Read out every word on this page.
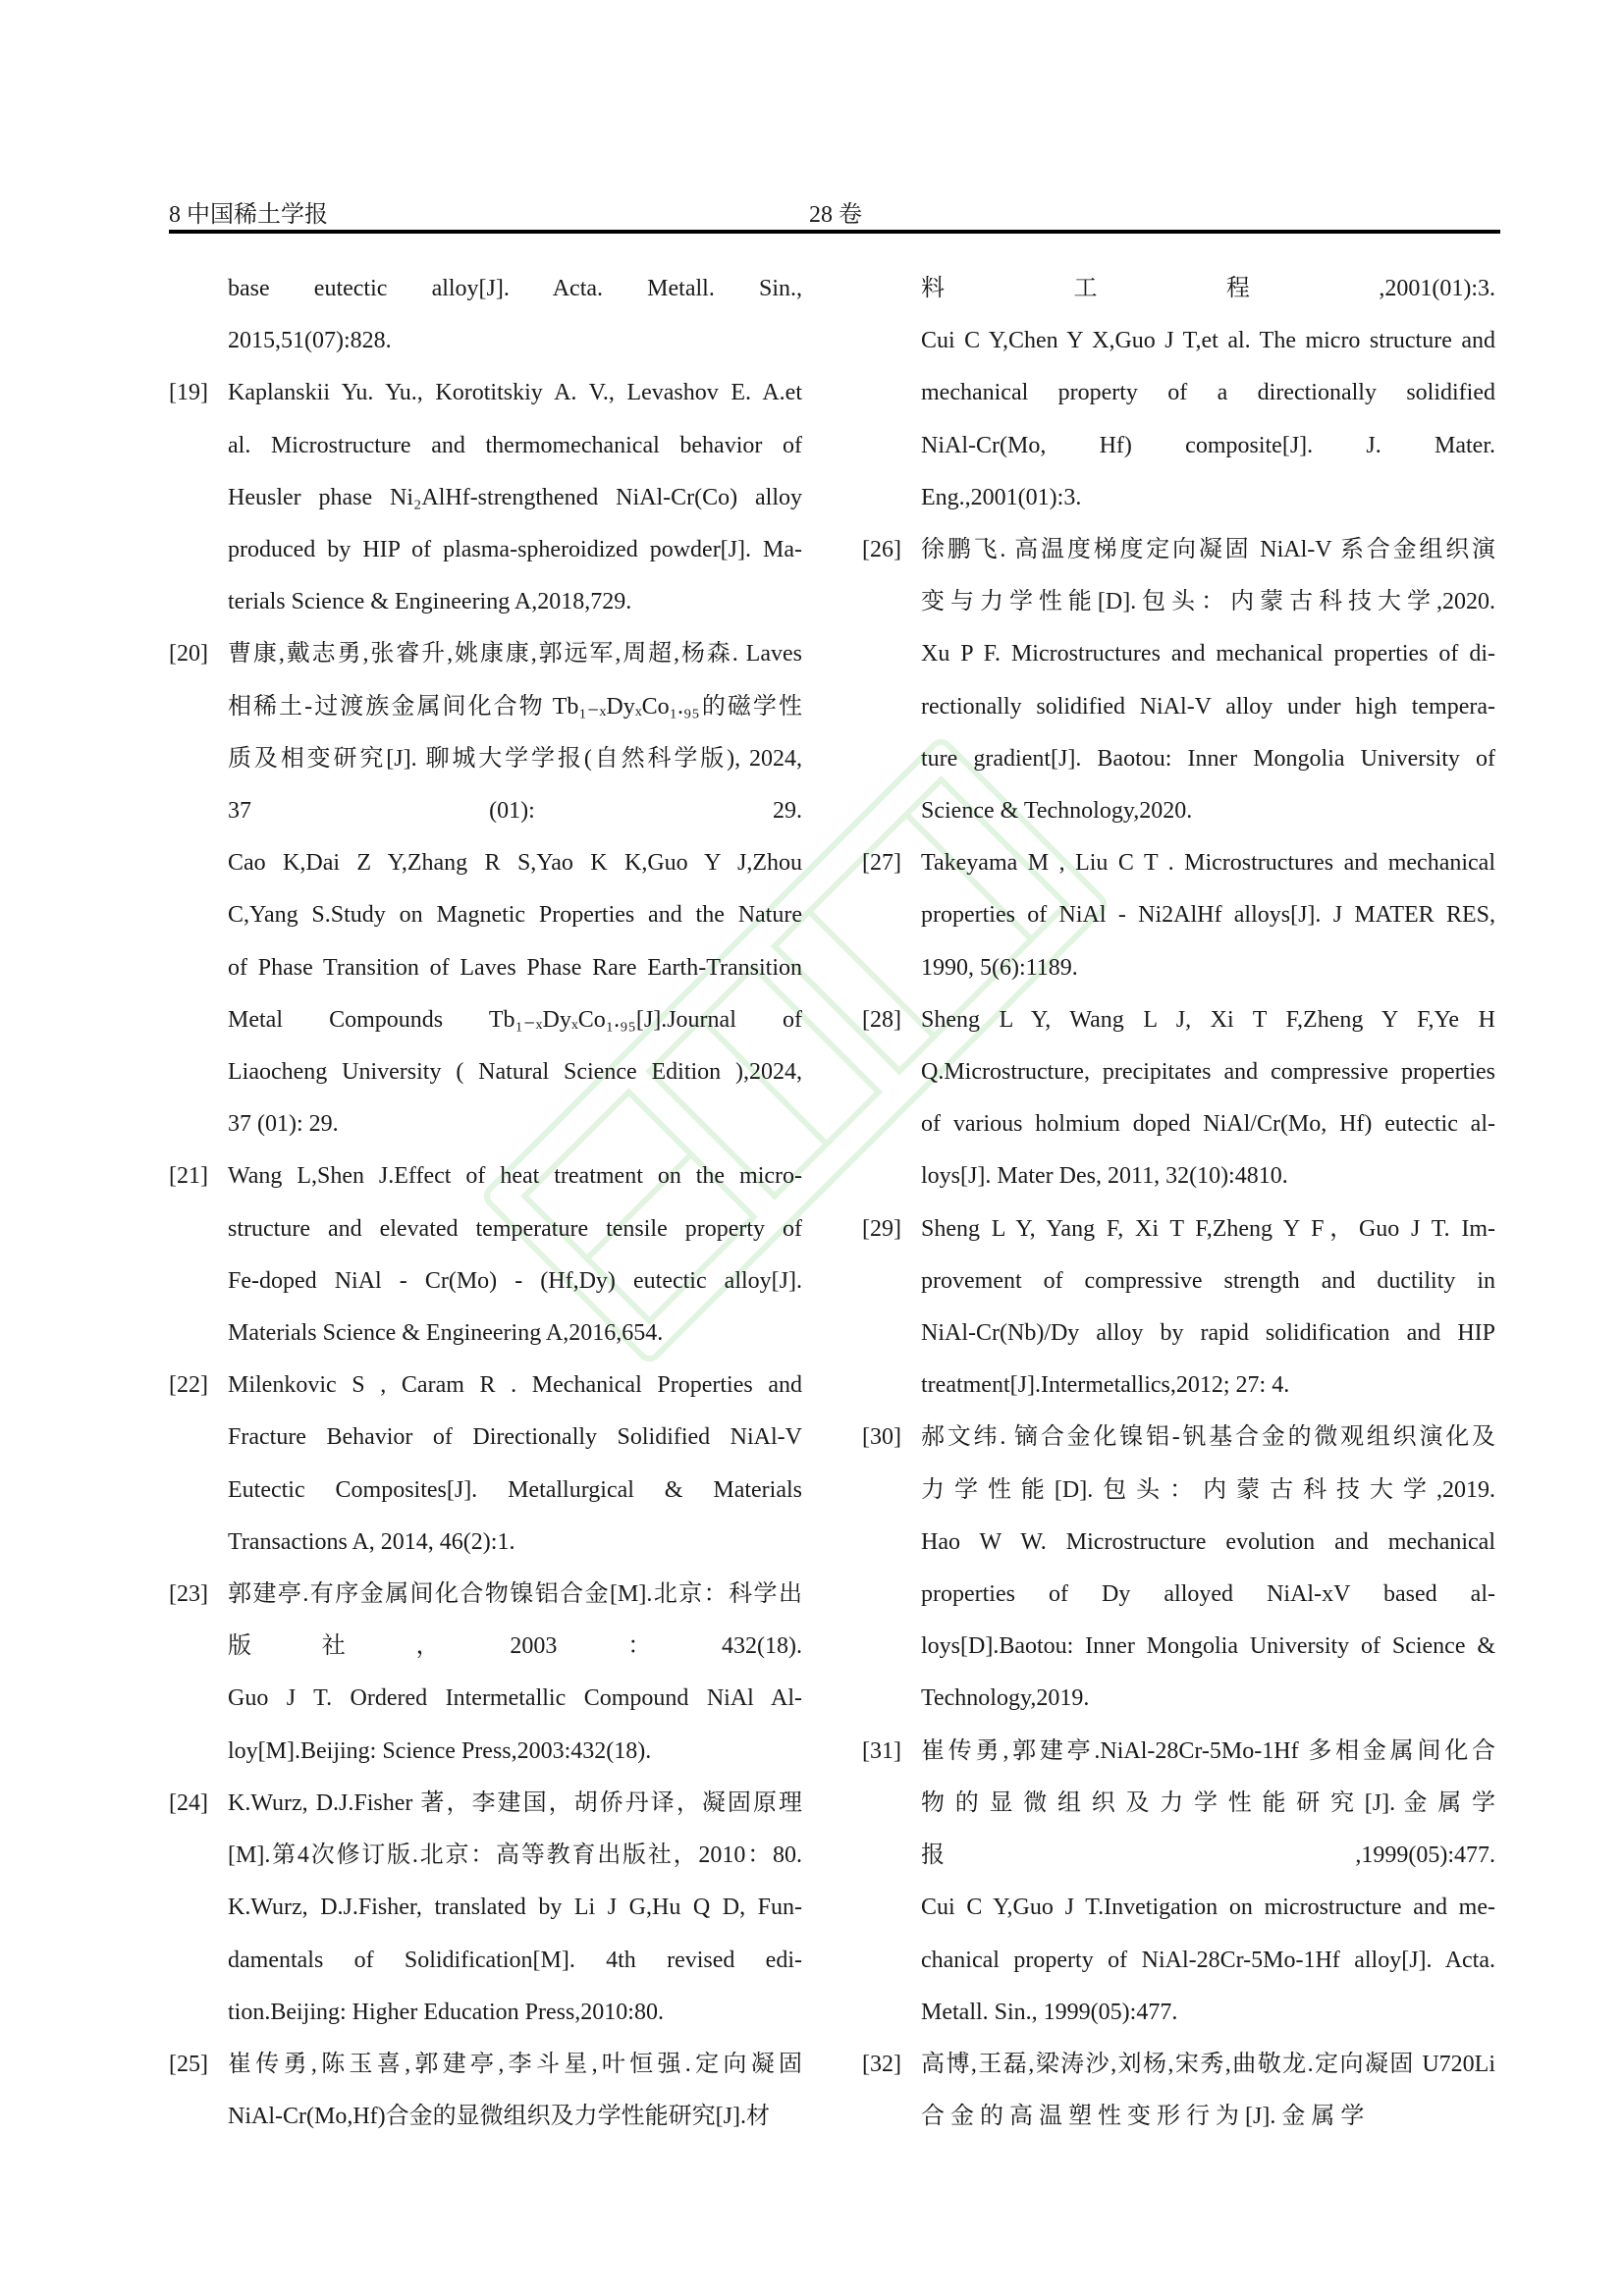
8 中国稀土学报	28 卷

base eutectic alloy[J]. Acta. Metall. Sin.,

2015,51(07):828.

[19] Kaplanskii Yu. Yu., Korotitskiy A. V., Levashov E. A.et

al. Microstructure and thermomechanical behavior of

Heusler phase Ni₂AlHf-strengthened NiAl-Cr(Co) alloy

produced by HIP of plasma-spheroidized powder[J]. Ma-

terials Science & Engineering A,2018,729.

[20] 曹康,戴志勇,张睿升,姚康康,郭远军,周超,杨森. Laves

相稀土-过渡族金属间化合物 Tb₁₋ₓDyₓCo₁.₉₅的磁学性

质及相变研究[J]. 聊城大学学报(自然科学版), 2024,

37 (01): 29.

Cao K,Dai Z Y,Zhang R S,Yao K K,Guo Y J,Zhou

C,Yang S.Study on Magnetic Properties and the Nature

of Phase Transition of Laves Phase Rare Earth-Transition

Metal Compounds Tb₁₋ₓDyₓCo₁.₉₅[J].Journal of

Liaocheng University ( Natural Science Edition ),2024,

37 (01): 29.

[21] Wang L,Shen J.Effect of heat treatment on the micro-

structure and elevated temperature tensile property of

Fe-doped NiAl - Cr(Mo) - (Hf,Dy) eutectic alloy[J].

Materials Science & Engineering A,2016,654.

[22] Milenkovic S , Caram R . Mechanical Properties and

Fracture Behavior of Directionally Solidified NiAl-V

Eutectic Composites[J]. Metallurgical & Materials

Transactions A, 2014, 46(2):1.

[23] 郭建亭.有序金属间化合物镍铝合金[M].北京：科学出

版社，2003：432(18).

Guo J T. Ordered Intermetallic Compound NiAl Al-

loy[M].Beijing: Science Press,2003:432(18).

[24] K.Wurz, D.J.Fisher 著，李建国，胡侨丹译，凝固原理

[M].第4次修订版.北京：高等教育出版社，2010：80.

K.Wurz, D.J.Fisher, translated by Li J G,Hu Q D, Fun-

damentals of Solidification[M]. 4th revised edi-

tion.Beijing: Higher Education Press,2010:80.

[25] 崔传勇,陈玉喜,郭建亭,李斗星,叶恒强.定向凝固

NiAl-Cr(Mo,Hf)合金的显微组织及力学性能研究[J].材

料工程,2001(01):3.

Cui C Y,Chen Y X,Guo J T,et al. The micro structure and

mechanical property of a directionally solidified

NiAl-Cr(Mo, Hf) composite[J]. J. Mater.

Eng.,2001(01):3.

[26] 徐鹏飞. 高温度梯度定向凝固 NiAl-V 系合金组织演

变与力学性能[D].包头：内蒙古科技大学,2020.

Xu P F. Microstructures and mechanical properties of di-

rectionally solidified NiAl-V alloy under high tempera-

ture gradient[J]. Baotou: Inner Mongolia University of

Science & Technology,2020.

[27] Takeyama M , Liu C T . Microstructures and mechanical

properties of NiAl - Ni2AlHf alloys[J]. J MATER RES,

1990, 5(6):1189.

[28] Sheng L Y, Wang L J, Xi T F,Zheng Y F,Ye H

Q.Microstructure, precipitates and compressive properties

of various holmium doped NiAl/Cr(Mo, Hf) eutectic al-

loys[J]. Mater Des, 2011, 32(10):4810.

[29] Sheng L Y, Yang F, Xi T F,Zheng Y F，Guo J T. Im-

provement of compressive strength and ductility in

NiAl-Cr(Nb)/Dy alloy by rapid solidification and HIP

treatment[J].Intermetallics,2012; 27: 4.

[30] 郝文纬. 镝合金化镍铝-钒基合金的微观组织演化及

力学性能[D].包头：内蒙古科技大学,2019.

Hao W W. Microstructure evolution and mechanical

properties of Dy alloyed NiAl-xV based al-

loys[D].Baotou: Inner Mongolia University of Science &

Technology,2019.

[31] 崔传勇,郭建亭.NiAl-28Cr-5Mo-1Hf 多相金属间化合

物 的 显 微 组 织 及 力 学 性 能 研 究 [J]. 金 属 学

报,1999(05):477.

Cui C Y,Guo J T.Invetigation on microstructure and me-

chanical property of NiAl-28Cr-5Mo-1Hf alloy[J]. Acta.

Metall. Sin., 1999(05):477.

[32] 高博,王磊,梁涛沙,刘杨,宋秀,曲敬龙.定向凝固 U720Li

合 金 的 高 温 塑 性 变 形 行 为 [J]. 金 属 学
